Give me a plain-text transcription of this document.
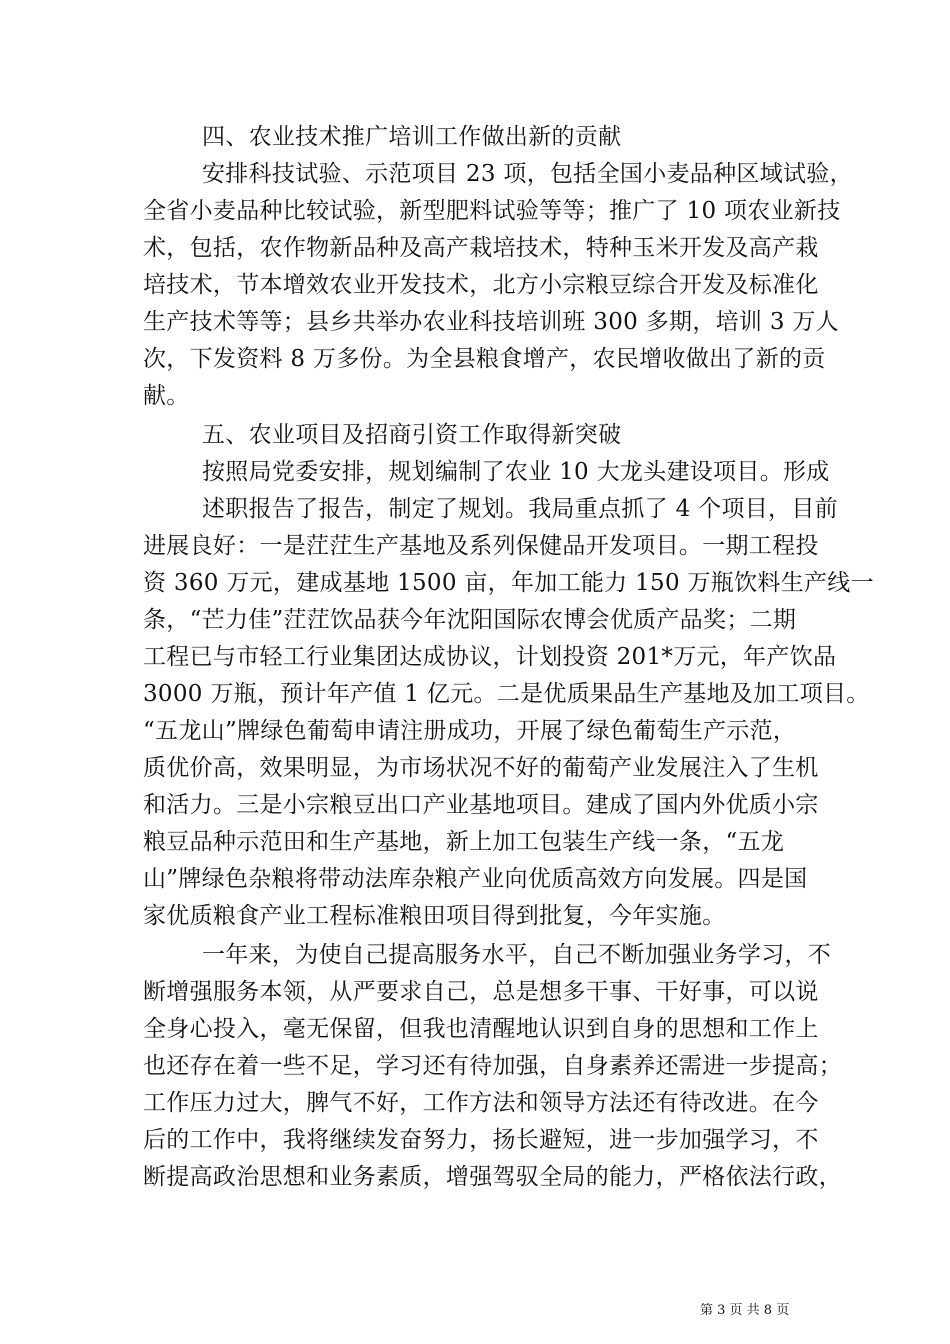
四、农业技术推广培训工作做出新的贡献
安排科技试验、示范项目 23 项，包括全国小麦品种区域试验，
全省小麦品种比较试验，新型肥料试验等等；推广了 10 项农业新技
术，包括，农作物新品种及高产栽培技术，特种玉米开发及高产栽
培技术，节本增效农业开发技术，北方小宗粮豆综合开发及标准化
生产技术等等；县乡共举办农业科技培训班 300 多期，培训 3 万人
次，下发资料 8 万多份。为全县粮食增产，农民增收做出了新的贡
献。
五、农业项目及招商引资工作取得新突破
按照局党委安排，规划编制了农业 10 大龙头建设项目。形成
述职报告了报告，制定了规划。我局重点抓了 4 个项目，目前
进展良好：一是茳茳生产基地及系列保健品开发项目。一期工程投
资 360 万元，建成基地 1500 亩，年加工能力 150 万瓶饮料生产线一
条，“芒力佳”茳茳饮品获今年沈阳国际农博会优质产品奖；二期
工程已与市轻工行业集团达成协议，计划投资 201*万元，年产饮品
3000 万瓶，预计年产值 1 亿元。二是优质果品生产基地及加工项目。
“五龙山”牌绿色葡萄申请注册成功，开展了绿色葡萄生产示范，
质优价高，效果明显，为市场状况不好的葡萄产业发展注入了生机
和活力。三是小宗粮豆出口产业基地项目。建成了国内外优质小宗
粮豆品种示范田和生产基地，新上加工包装生产线一条，“五龙
山”牌绿色杂粮将带动法库杂粮产业向优质高效方向发展。四是国
家优质粮食产业工程标准粮田项目得到批复，今年实施。
一年来，为使自己提高服务水平，自己不断加强业务学习，不
断增强服务本领，从严要求自己，总是想多干事、干好事，可以说
全身心投入，毫无保留，但我也清醒地认识到自身的思想和工作上
也还存在着一些不足，学习还有待加强，自身素养还需进一步提高；
工作压力过大，脾气不好，工作方法和领导方法还有待改进。在今
后的工作中，我将继续发奋努力，扬长避短，进一步加强学习，不
断提高政治思想和业务素质，增强驾驭全局的能力，严格依法行政，
第 3 页 共 8 页
